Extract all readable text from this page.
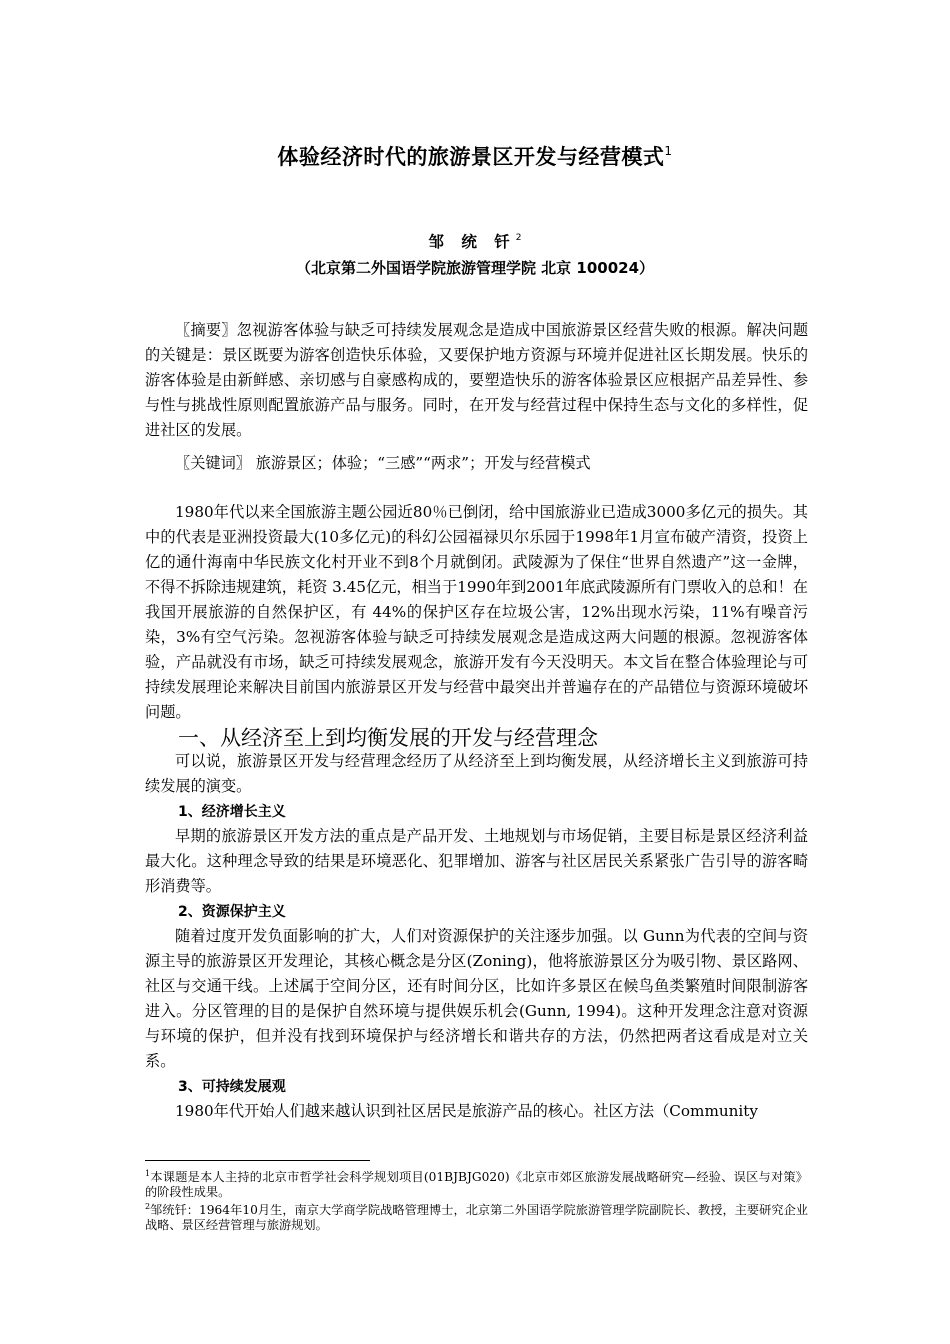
体验经济时代的旅游景区开发与经营模式$^1$
邹 统 钎$^2$
（北京第二外国语学院旅游管理学院 北京 100024）

〖摘要〗忽视游客体验与缺乏可持续发展观念是造成中国旅游景区经营失败的根源。解决问题的关键是：景区既要为游客创造快乐体验，又要保护地方资源与环境并促进社区长期发展。快乐的游客体验是由新鲜感、亲切感与自豪感构成的，要塑造快乐的游客体验景区应根据产品差异性、参与性与挑战性原则配置旅游产品与服务。同时，在开发与经营过程中保持生态与文化的多样性，促进社区的发展。

〖关键词〗 旅游景区；体验；“三感”“两求”；开发与经营模式

1980年代以来全国旅游主题公园近80％已倒闭，给中国旅游业已造成3000多亿元的损失。其中的代表是亚洲投资最大(10多亿元)的科幻公园福禄贝尔乐园于1998年1月宣布破产清资，投资上亿的通什海南中华民族文化村开业不到8个月就倒闭。武陵源为了保住“世界自然遗产”这一金牌，不得不拆除违规建筑，耗资 3.45亿元，相当于1990年到2001年底武陵源所有门票收入的总和！在我国开展旅游的自然保护区，有 44%的保护区存在垃圾公害，12%出现水污染，11%有噪音污染，3%有空气污染。忽视游客体验与缺乏可持续发展观念是造成这两大问题的根源。忽视游客体验，产品就没有市场，缺乏可持续发展观念，旅游开发有今天没明天。本文旨在整合体验理论与可持续发展理论来解决目前国内旅游景区开发与经营中最突出并普遍存在的产品错位与资源环境破坏问题。

一、从经济至上到均衡发展的开发与经营理念

可以说，旅游景区开发与经营理念经历了从经济至上到均衡发展，从经济增长主义到旅游可持续发展的演变。

1、经济增长主义

早期的旅游景区开发方法的重点是产品开发、土地规划与市场促销，主要目标是景区经济利益最大化。这种理念导致的结果是环境恶化、犯罪增加、游客与社区居民关系紧张广告引导的游客畸形消费等。

2、资源保护主义

随着过度开发负面影响的扩大，人们对资源保护的关注逐步加强。以 Gunn为代表的空间与资源主导的旅游景区开发理论，其核心概念是分区(Zoning)，他将旅游景区分为吸引物、景区路网、社区与交通干线。上述属于空间分区，还有时间分区，比如许多景区在候鸟鱼类繁殖时间限制游客进入。分区管理的目的是保护自然环境与提供娱乐机会(Gunn, 1994)。这种开发理念注意对资源与环境的保护，但并没有找到环境保护与经济增长和谐共存的方法，仍然把两者这看成是对立关系。

3、可持续发展观

1980年代开始人们越来越认识到社区居民是旅游产品的核心。社区方法（Community

$^1$本课题是本人主持的北京市哲学社会科学规划项目(01BJBJG020)《北京市郊区旅游发展战略研究—经验、误区与对策》的阶段性成果。
$^2$邹统钎：1964年10月生，南京大学商学院战略管理博士，北京第二外国语学院旅游管理学院副院长、教授，主要研究企业战略、景区经营管理与旅游规划。
